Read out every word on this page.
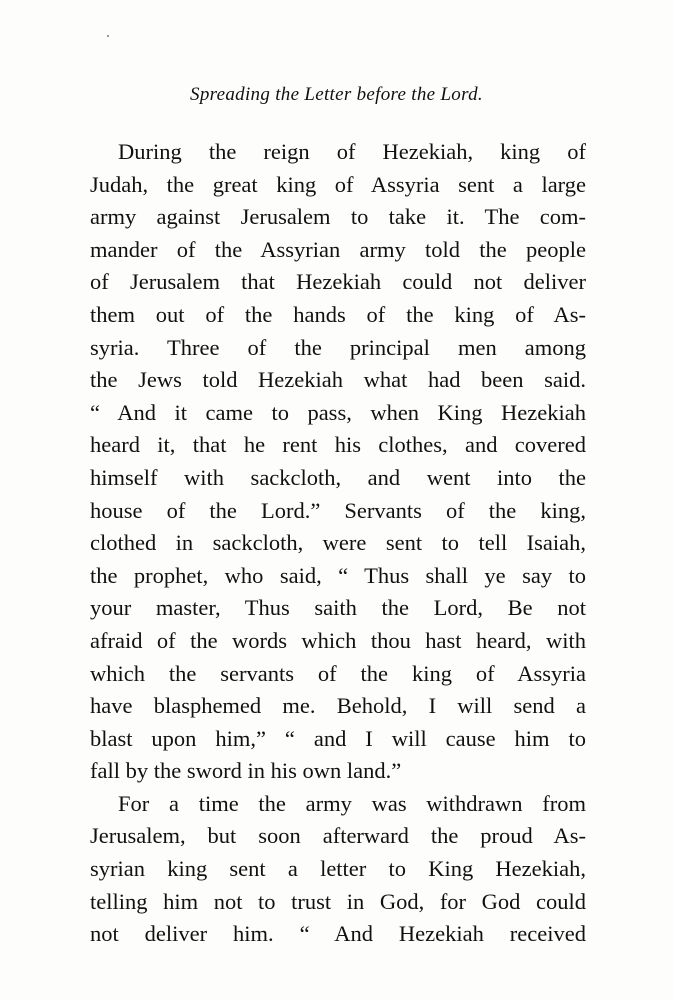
Spreading the Letter before the Lord.
During the reign of Hezekiah, king of
Judah, the great king of Assyria sent a large
army against Jerusalem to take it. The com-
mander of the Assyrian army told the people
of Jerusalem that Hezekiah could not deliver
them out of the hands of the king of As-
syria. Three of the principal men among
the Jews told Hezekiah what had been said.
“ And it came to pass, when King Hezekiah
heard it, that he rent his clothes, and covered
himself with sackcloth, and went into the
house of the Lord.” Servants of the king,
clothed in sackcloth, were sent to tell Isaiah,
the prophet, who said, “ Thus shall ye say to
your master, Thus saith the Lord, Be not
afraid of the words which thou hast heard, with
which the servants of the king of Assyria
have blasphemed me. Behold, I will send a
blast upon him,” “ and I will cause him to
fall by the sword in his own land.”
For a time the army was withdrawn from
Jerusalem, but soon afterward the proud As-
syrian king sent a letter to King Hezekiah,
telling him not to trust in God, for God could
not deliver him. “ And Hezekiah received
